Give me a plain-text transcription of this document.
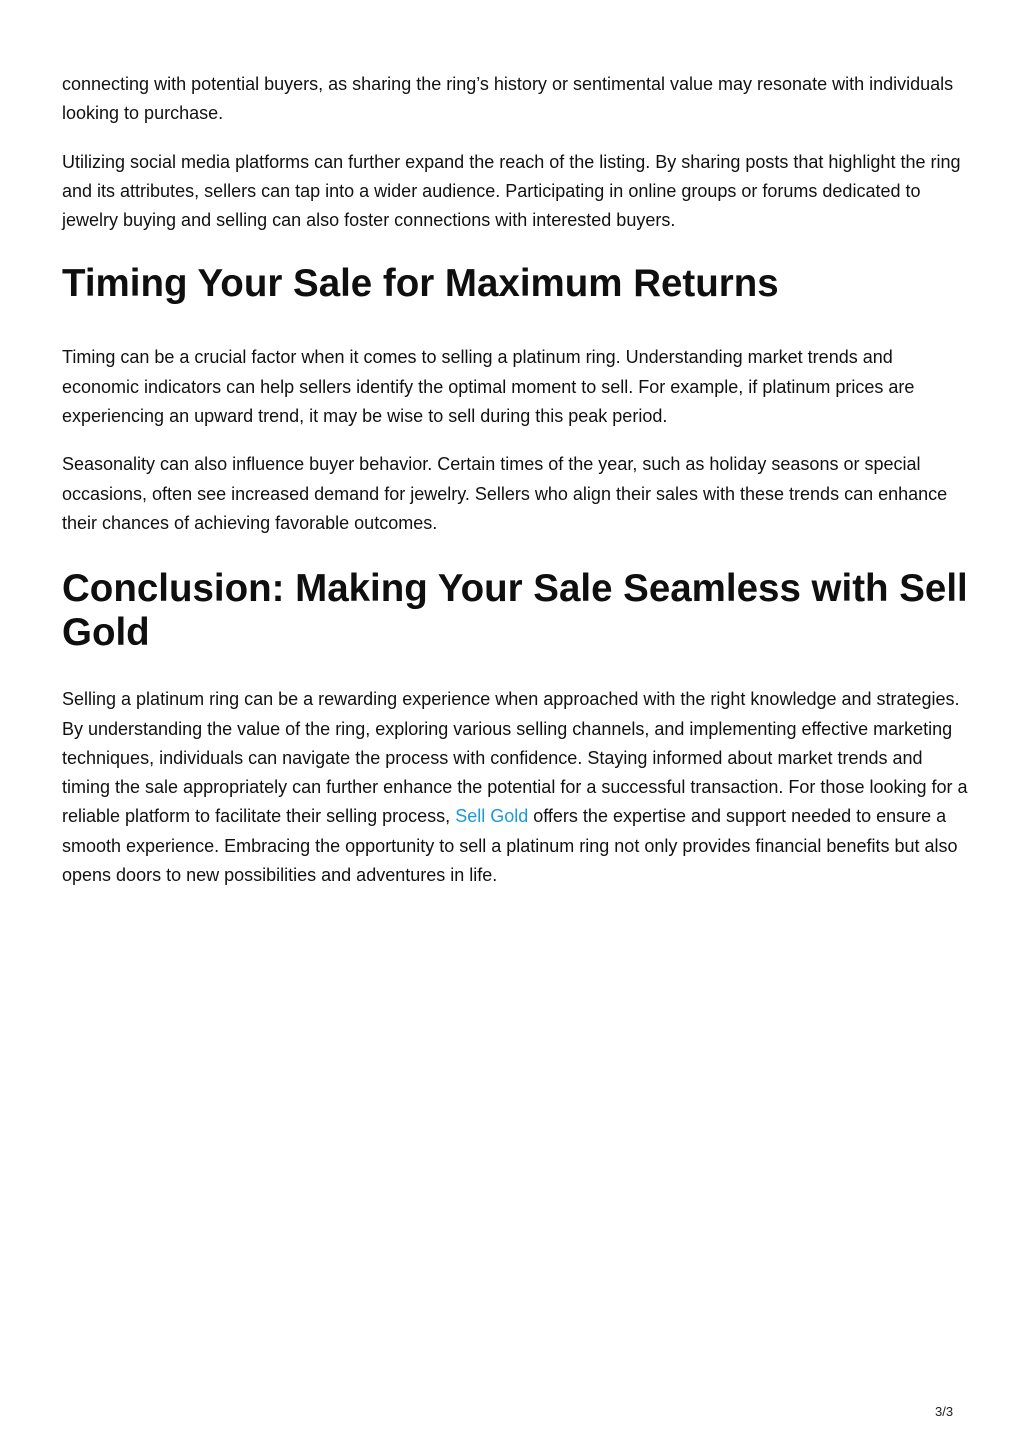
connecting with potential buyers, as sharing the ring’s history or sentimental value may resonate with individuals looking to purchase.

Utilizing social media platforms can further expand the reach of the listing. By sharing posts that highlight the ring and its attributes, sellers can tap into a wider audience. Participating in online groups or forums dedicated to jewelry buying and selling can also foster connections with interested buyers.

Timing Your Sale for Maximum Returns

Timing can be a crucial factor when it comes to selling a platinum ring. Understanding market trends and economic indicators can help sellers identify the optimal moment to sell. For example, if platinum prices are experiencing an upward trend, it may be wise to sell during this peak period.

Seasonality can also influence buyer behavior. Certain times of the year, such as holiday seasons or special occasions, often see increased demand for jewelry. Sellers who align their sales with these trends can enhance their chances of achieving favorable outcomes.

Conclusion: Making Your Sale Seamless with Sell Gold

Selling a platinum ring can be a rewarding experience when approached with the right knowledge and strategies. By understanding the value of the ring, exploring various selling channels, and implementing effective marketing techniques, individuals can navigate the process with confidence. Staying informed about market trends and timing the sale appropriately can further enhance the potential for a successful transaction. For those looking for a reliable platform to facilitate their selling process, Sell Gold offers the expertise and support needed to ensure a smooth experience. Embracing the opportunity to sell a platinum ring not only provides financial benefits but also opens doors to new possibilities and adventures in life.

3/3
